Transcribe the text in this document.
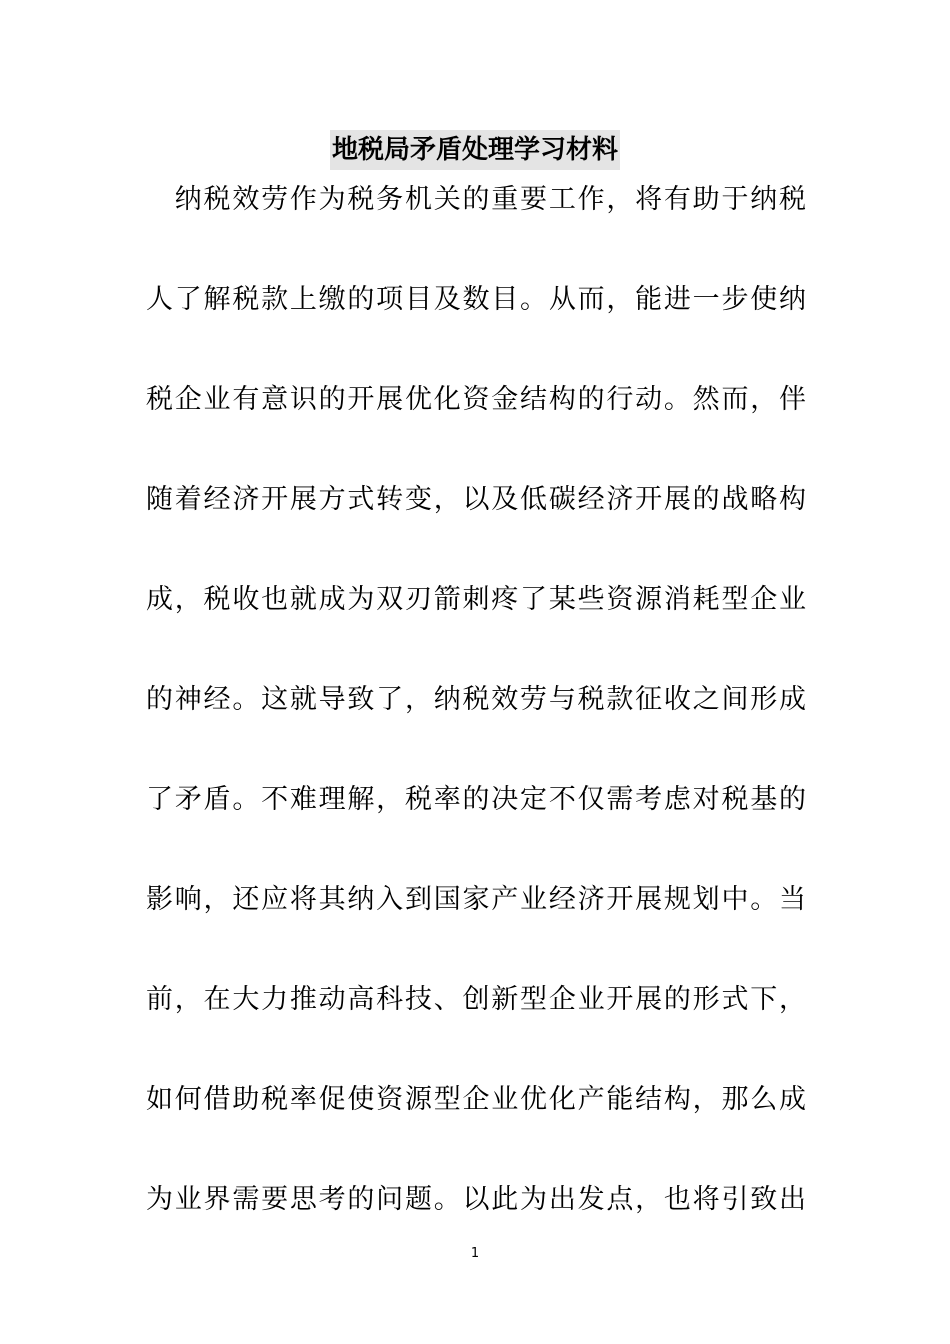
地税局矛盾处理学习材料
　纳税效劳作为税务机关的重要工作，将有助于纳税
人了解税款上缴的项目及数目。从而，能进一步使纳
税企业有意识的开展优化资金结构的行动。然而，伴
随着经济开展方式转变，以及低碳经济开展的战略构
成，税收也就成为双刃箭刺疼了某些资源消耗型企业
的神经。这就导致了，纳税效劳与税款征收之间形成
了矛盾。不难理解，税率的决定不仅需考虑对税基的
影响，还应将其纳入到国家产业经济开展规划中。当
前，在大力推动高科技、创新型企业开展的形式下，
如何借助税率促使资源型企业优化产能结构，那么成
为业界需要思考的问题。以此为出发点，也将引致出
1
